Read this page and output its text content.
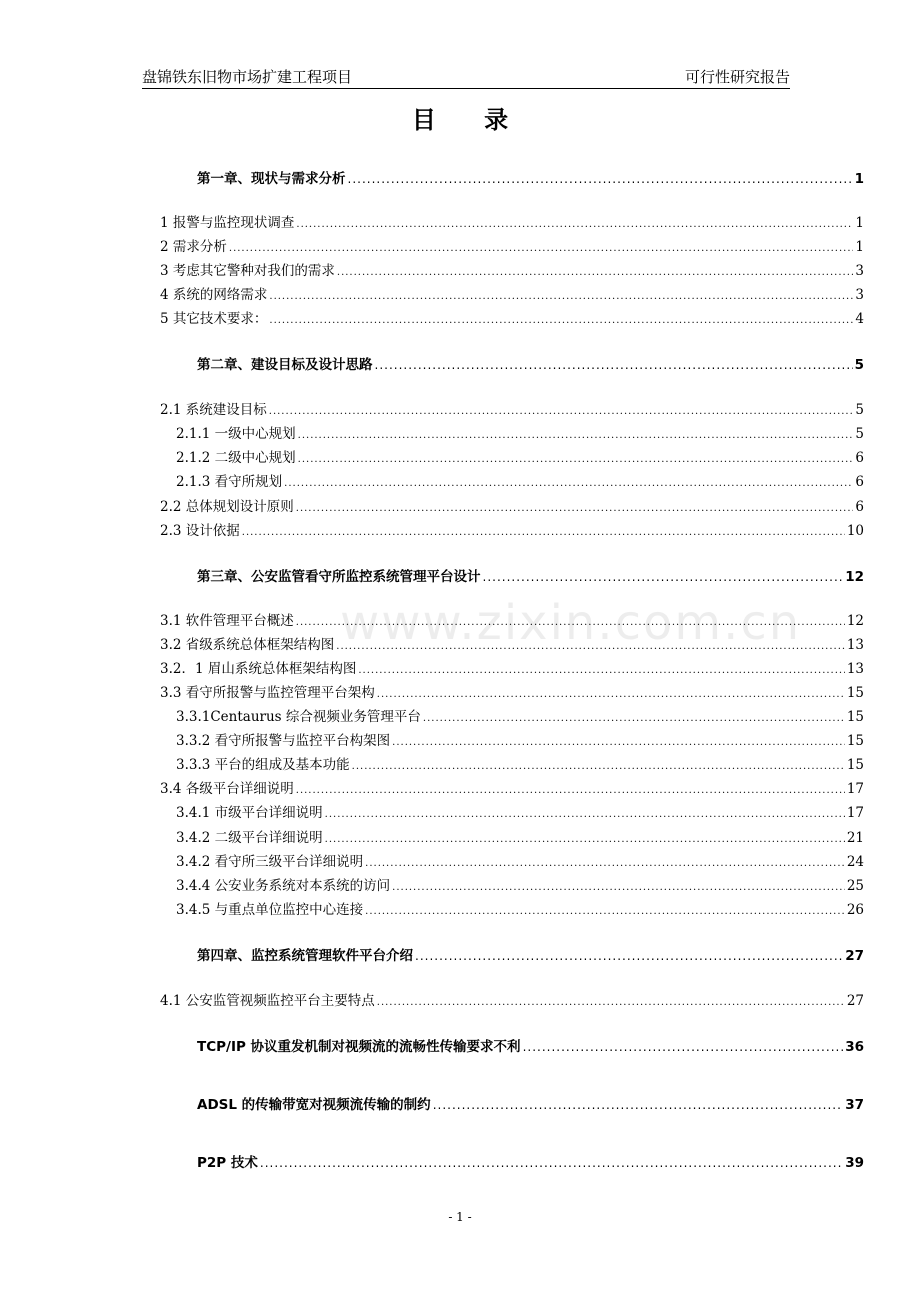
盘锦铁东旧物市场扩建工程项目	可行性研究报告
目 录
www.zixin.com.cn
第一章、现状与需求分析 .....	1
1 报警与监控现状调查 .....	1
2 需求分析 .....	1
3 考虑其它警种对我们的需求 .....	3
4 系统的网络需求 .....	3
5 其它技术要求： .....	4
第二章、建设目标及设计思路 .....	5
2.1 系统建设目标 .....	5
2.1.1 一级中心规划 .....	5
2.1.2 二级中心规划 .....	6
2.1.3 看守所规划 .....	6
2.2 总体规划设计原则 .....	6
2.3 设计依据 .....	10
第三章、公安监管看守所监控系统管理平台设计 .....	12
3.1 软件管理平台概述 .....	12
3.2 省级系统总体框架结构图 .....	13
3.2．1 眉山系统总体框架结构图 .....	13
3.3 看守所报警与监控管理平台架构 .....	15
3.3.1Centaurus 综合视频业务管理平台 .....	15
3.3.2 看守所报警与监控平台构架图 .....	15
3.3.3 平台的组成及基本功能 .....	15
3.4 各级平台详细说明 .....	17
3.4.1 市级平台详细说明 .....	17
3.4.2 二级平台详细说明 .....	21
3.4.2 看守所三级平台详细说明 .....	24
3.4.4 公安业务系统对本系统的访问 .....	25
3.4.5 与重点单位监控中心连接 .....	26
第四章、监控系统管理软件平台介绍 .....	27
4.1 公安监管视频监控平台主要特点 .....	27
TCP/IP 协议重发机制对视频流的流畅性传输要求不利 .....	36
ADSL 的传输带宽对视频流传输的制约 .....	37
P2P 技术 .....	39
- 1 -
